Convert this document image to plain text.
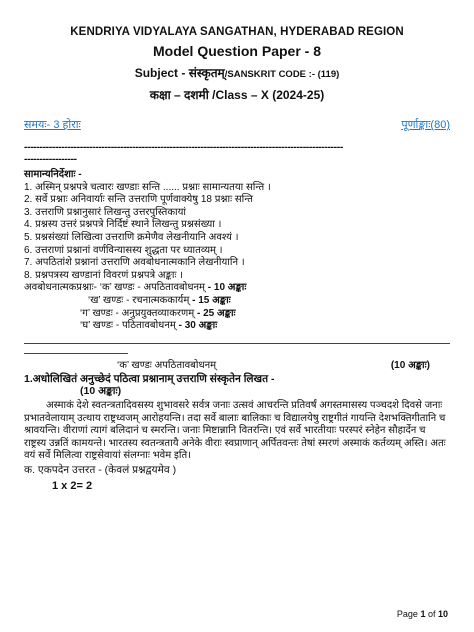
KENDRIYA VIDYALAYA SANGATHAN, HYDERABAD REGION
Model Question Paper - 8
Subject - संस्कृतम्/SANSKRIT CODE :- (119)
कक्षा – दशमी /Class – X (2024-25)
समयः- 3 होराः	पूर्णाङ्काः(80)
-------------------------------------------------------------------------------------------------------
-----------------

सामान्यनिर्देशाः -

1. अस्मिन् प्रश्नपत्रे चत्वारः खण्डाः सन्ति ...... प्रश्नाः सामान्यतया सन्ति ।

2. सर्वे प्रश्नाः अनिवार्याः सन्ति उत्तराणि पूर्णवाक्येषु 18 प्रश्नाः सन्ति

3. उत्तराणि प्रश्नानुसारं लिखन्तु उत्तरपुस्तिकायां

4. प्रश्नस्य उत्तरं प्रश्नपत्रे निर्दिष्टं स्थाने लिखन्तु प्रश्नसंख्या ।

5. प्रश्नसंख्यां लिखित्वा उत्तराणि क्रमेणैव लेखनीयानि अवश्यं ।

6. उत्तराणां प्रश्नानां वर्णविन्यासस्य शुद्धता पर ध्यातव्यम् ।

7. अपठितांशे प्रश्नानां उत्तराणि अवबोधनात्मकानि लेखनीयानि ।

8. प्रश्नपत्रस्य खण्डानां विवरणं प्रश्नपत्रे अङ्काः ।

अवबोधनात्मकप्रश्नाः- ‘क’ खण्डः - अपठितावबोधनम् - 10 अङ्काः

‘ख’ खण्डः - रचनात्मककार्यम् - 15 अङ्काः

‘ग’ खण्डः - अनुप्रयुक्तव्याकरणम् - 25 अङ्काः

‘घ’ खण्डः - पठितावबोधनम् - 30 अङ्काः

‘क’ खण्डः अपठितावबोधनम्	(10 अङ्काः)
1.अधोलिखितं अनुच्छेदं पठित्वा प्रश्नानाम् उत्तराणि संस्कृतेन लिखत -
(10 अङ्काः)
अस्माकं देशे स्वतन्त्रतादिवसस्य शुभावसरे सर्वत्र जनाः उत्सवं आचरन्ति प्रतिवर्षं अगस्तमासस्य पञ्चदशे दिवसे जनाः प्रभातवेलायाम् उत्थाय राष्ट्रध्वजम् आरोहयन्ति। तदा सर्वे बालाः बालिकाः च विद्यालयेषु राष्ट्रगीतं गायन्ति देशभक्तिगीतानि च श्रावयन्ति। वीराणां त्यागं बलिदानं च स्मरन्ति। जनाः मिष्टान्नानि वितरन्ति। एवं सर्वे भारतीयाः परस्परं स्नेहेन सौहार्देन च राष्ट्रस्य उन्नतिं कामयन्ते। भारतस्य स्वतन्त्रतायै अनेके वीराः स्वप्राणान् अर्पितवन्तः तेषां स्मरणं अस्माकं कर्तव्यम् अस्ति। अतः वयं सर्वे मिलित्वा राष्ट्रसेवायां संलग्नाः भवेम इति।
क. एकपदेन उत्तरत - (केवलं प्रश्नद्वयमेव )
1 x 2= 2
Page 1 of 10
